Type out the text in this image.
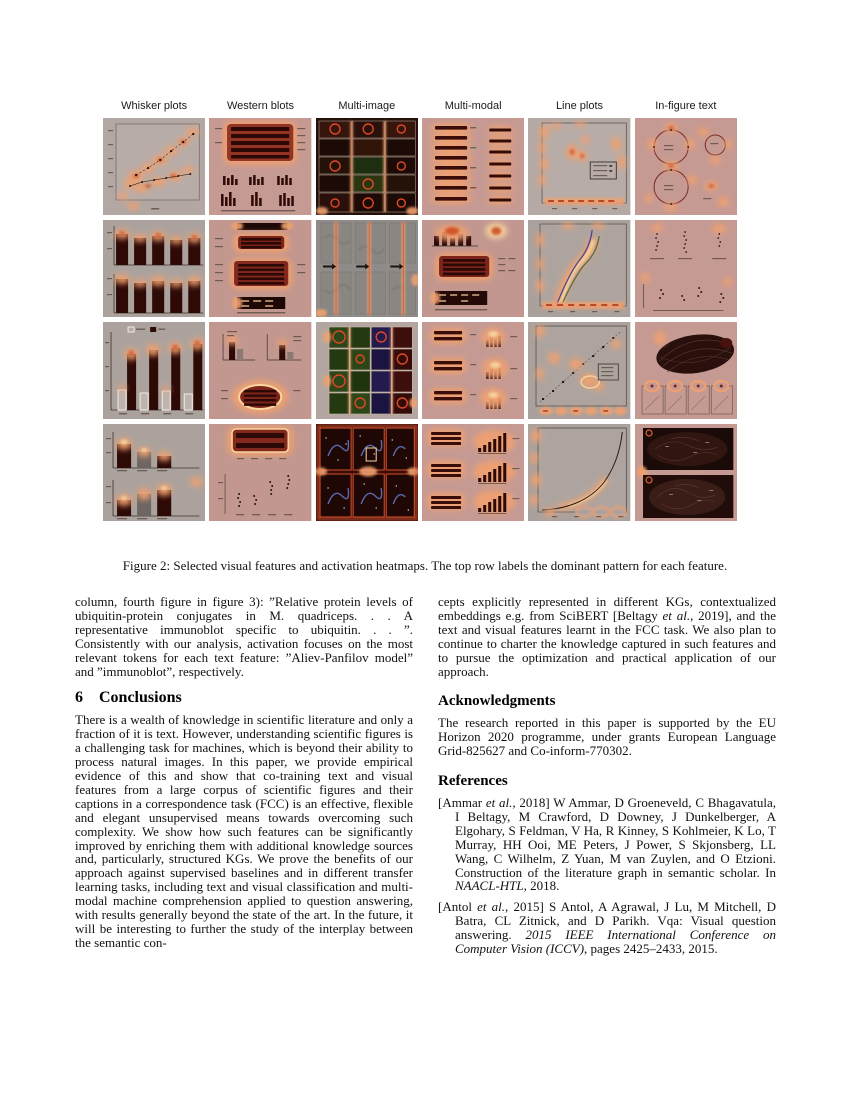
Whisker plots	Western blots	Multi-image	Multi-modal	Line plots	In-figure text
Figure 2: Selected visual features and activation heatmaps. The top row labels the dominant pattern for each feature.

column, fourth figure in figure 3): ”Relative protein levels of ubiquitin-protein conjugates in M. quadriceps. . . A representative immunoblot specific to ubiquitin. . . ”. Consistently with our analysis, activation focuses on the most relevant tokens for each text feature: ”Aliev-Panfilov model” and ”immunoblot”, respectively.

6 Conclusions

There is a wealth of knowledge in scientific literature and only a fraction of it is text. However, understanding scientific figures is a challenging task for machines, which is beyond their ability to process natural images. In this paper, we provide empirical evidence of this and show that co-training text and visual features from a large corpus of scientific figures and their captions in a correspondence task (FCC) is an effective, flexible and elegant unsupervised means towards overcoming such complexity. We show how such features can be significantly improved by enriching them with additional knowledge sources and, particularly, structured KGs. We prove the benefits of our approach against supervised baselines and in different transfer learning tasks, including text and visual classification and multi-modal machine comprehension applied to question answering, with results generally beyond the state of the art. In the future, it will be interesting to further the study of the interplay between the semantic con-

cepts explicitly represented in different KGs, contextualized embeddings e.g. from SciBERT [Beltagy et al., 2019], and the text and visual features learnt in the FCC task. We also plan to continue to charter the knowledge captured in such features and to pursue the optimization and practical application of our approach.

Acknowledgments

The research reported in this paper is supported by the EU Horizon 2020 programme, under grants European Language Grid-825627 and Co-inform-770302.

References
[Ammar et al., 2018] W Ammar, D Groeneveld, C Bhagavatula, I Beltagy, M Crawford, D Downey, J Dunkelberger, A Elgohary, S Feldman, V Ha, R Kinney, S Kohlmeier, K Lo, T Murray, HH Ooi, ME Peters, J Power, S Skjonsberg, LL Wang, C Wilhelm, Z Yuan, M van Zuylen, and O Etzioni. Construction of the literature graph in semantic scholar. In NAACL-HTL, 2018.
[Antol et al., 2015] S Antol, A Agrawal, J Lu, M Mitchell, D Batra, CL Zitnick, and D Parikh. Vqa: Visual question answering. 2015 IEEE International Conference on Computer Vision (ICCV), pages 2425–2433, 2015.
